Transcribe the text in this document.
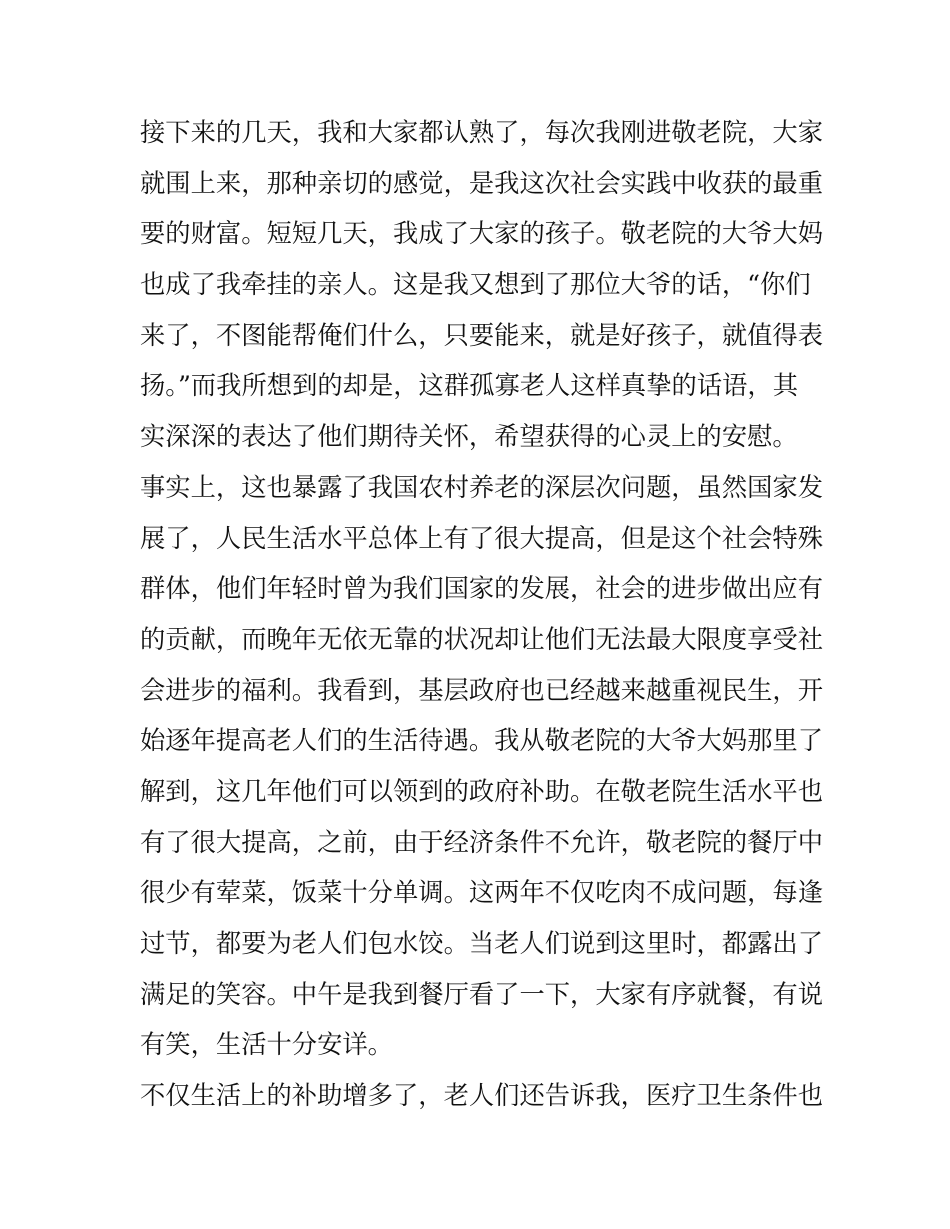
接下来的几天，我和大家都认熟了，每次我刚进敬老院，大家
就围上来，那种亲切的感觉，是我这次社会实践中收获的最重
要的财富。短短几天，我成了大家的孩子。敬老院的大爷大妈
也成了我牵挂的亲人。这是我又想到了那位大爷的话，“你们
来了，不图能帮俺们什么，只要能来，就是好孩子，就值得表
扬。”而我所想到的却是，这群孤寡老人这样真挚的话语，其
实深深的表达了他们期待关怀，希望获得的心灵上的安慰。
事实上，这也暴露了我国农村养老的深层次问题，虽然国家发
展了，人民生活水平总体上有了很大提高，但是这个社会特殊
群体，他们年轻时曾为我们国家的发展，社会的进步做出应有
的贡献，而晚年无依无靠的状况却让他们无法最大限度享受社
会进步的福利。我看到，基层政府也已经越来越重视民生，开
始逐年提高老人们的生活待遇。我从敬老院的大爷大妈那里了
解到，这几年他们可以领到的政府补助。在敬老院生活水平也
有了很大提高，之前，由于经济条件不允许，敬老院的餐厅中
很少有荤菜，饭菜十分单调。这两年不仅吃肉不成问题，每逢
过节，都要为老人们包水饺。当老人们说到这里时，都露出了
满足的笑容。中午是我到餐厅看了一下，大家有序就餐，有说
有笑，生活十分安详。
不仅生活上的补助增多了，老人们还告诉我，医疗卫生条件也
